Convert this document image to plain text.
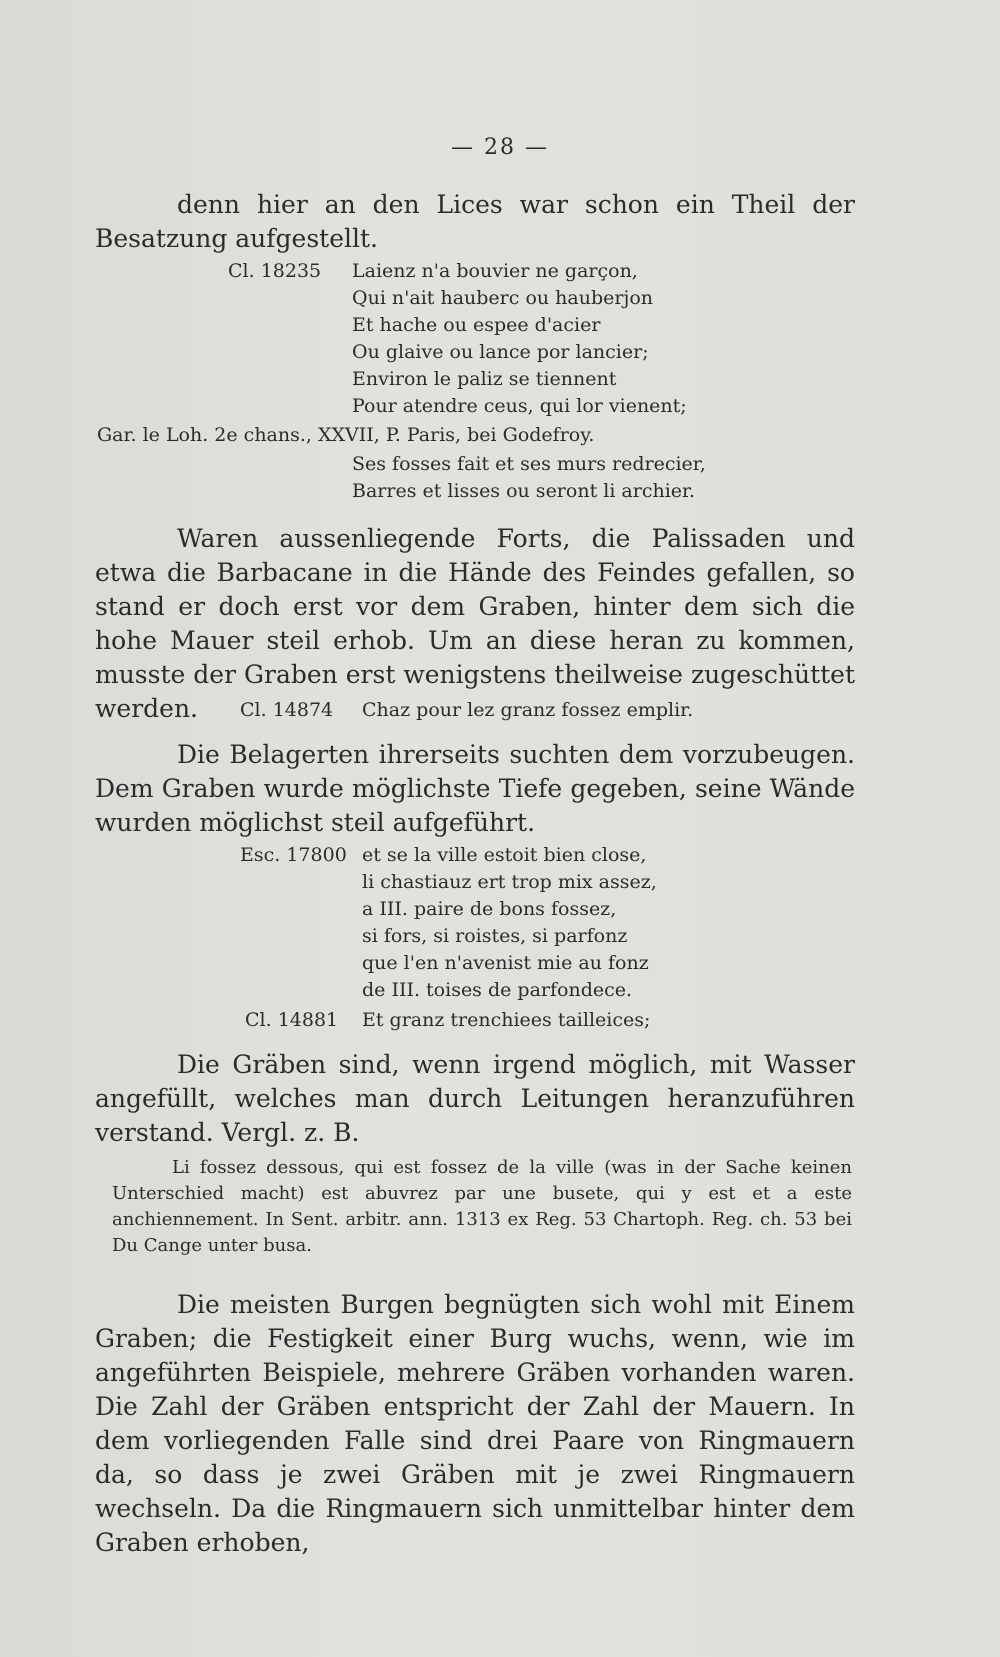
— 28 —
denn hier an den Lices war schon ein Theil der Besatzung aufgestellt.
Cl. 18235 Laienz n'a bouvier ne garçon,
Qui n'ait hauberc ou hauberjon
Et hache ou espee d'acier
Ou glaive ou lance por lancier;
Environ le paliz se tiennent
Pour atendre ceus, qui lor vienent;
Gar. le Loh. 2e chans., XXVII, P. Paris, bei Godefroy.
Ses fosses fait et ses murs redrecier,
Barres et lisses ou seront li archier.
Waren aussenliegende Forts, die Palissaden und etwa die Barbacane in die Hände des Feindes gefallen, so stand er doch erst vor dem Graben, hinter dem sich die hohe Mauer steil erhob. Um an diese heran zu kommen, musste der Graben erst wenigstens theilweise zugeschüttet werden.	Cl. 14874 Chaz pour lez granz fossez emplir.
Die Belagerten ihrerseits suchten dem vorzubeugen. Dem Graben wurde möglichste Tiefe gegeben, seine Wände wurden möglichst steil aufgeführt.
Esc. 17800 et se la ville estoit bien close,
li chastiauz ert trop mix assez,
a III. paire de bons fossez,
si fors, si roistes, si parfonz
que l'en n'avenist mie au fonz
de III. toises de parfondece.
Cl. 14881 Et granz trenchiees tailleices;
Die Gräben sind, wenn irgend möglich, mit Wasser angefüllt, welches man durch Leitungen heranzuführen verstand. Vergl. z. B.
Li fossez dessous, qui est fossez de la ville (was in der Sache keinen Unterschied macht) est abuvrez par une busete, qui y est et a este anchiennement. In Sent. arbitr. ann. 1313 ex Reg. 53 Chartoph. Reg. ch. 53 bei Du Cange unter busa.
Die meisten Burgen begnügten sich wohl mit Einem Graben; die Festigkeit einer Burg wuchs, wenn, wie im angeführten Beispiele, mehrere Gräben vorhanden waren. Die Zahl der Gräben entspricht der Zahl der Mauern. In dem vorliegenden Falle sind drei Paare von Ringmauern da, so dass je zwei Gräben mit je zwei Ringmauern wechseln. Da die Ringmauern sich unmittelbar hinter dem Graben erhoben,
